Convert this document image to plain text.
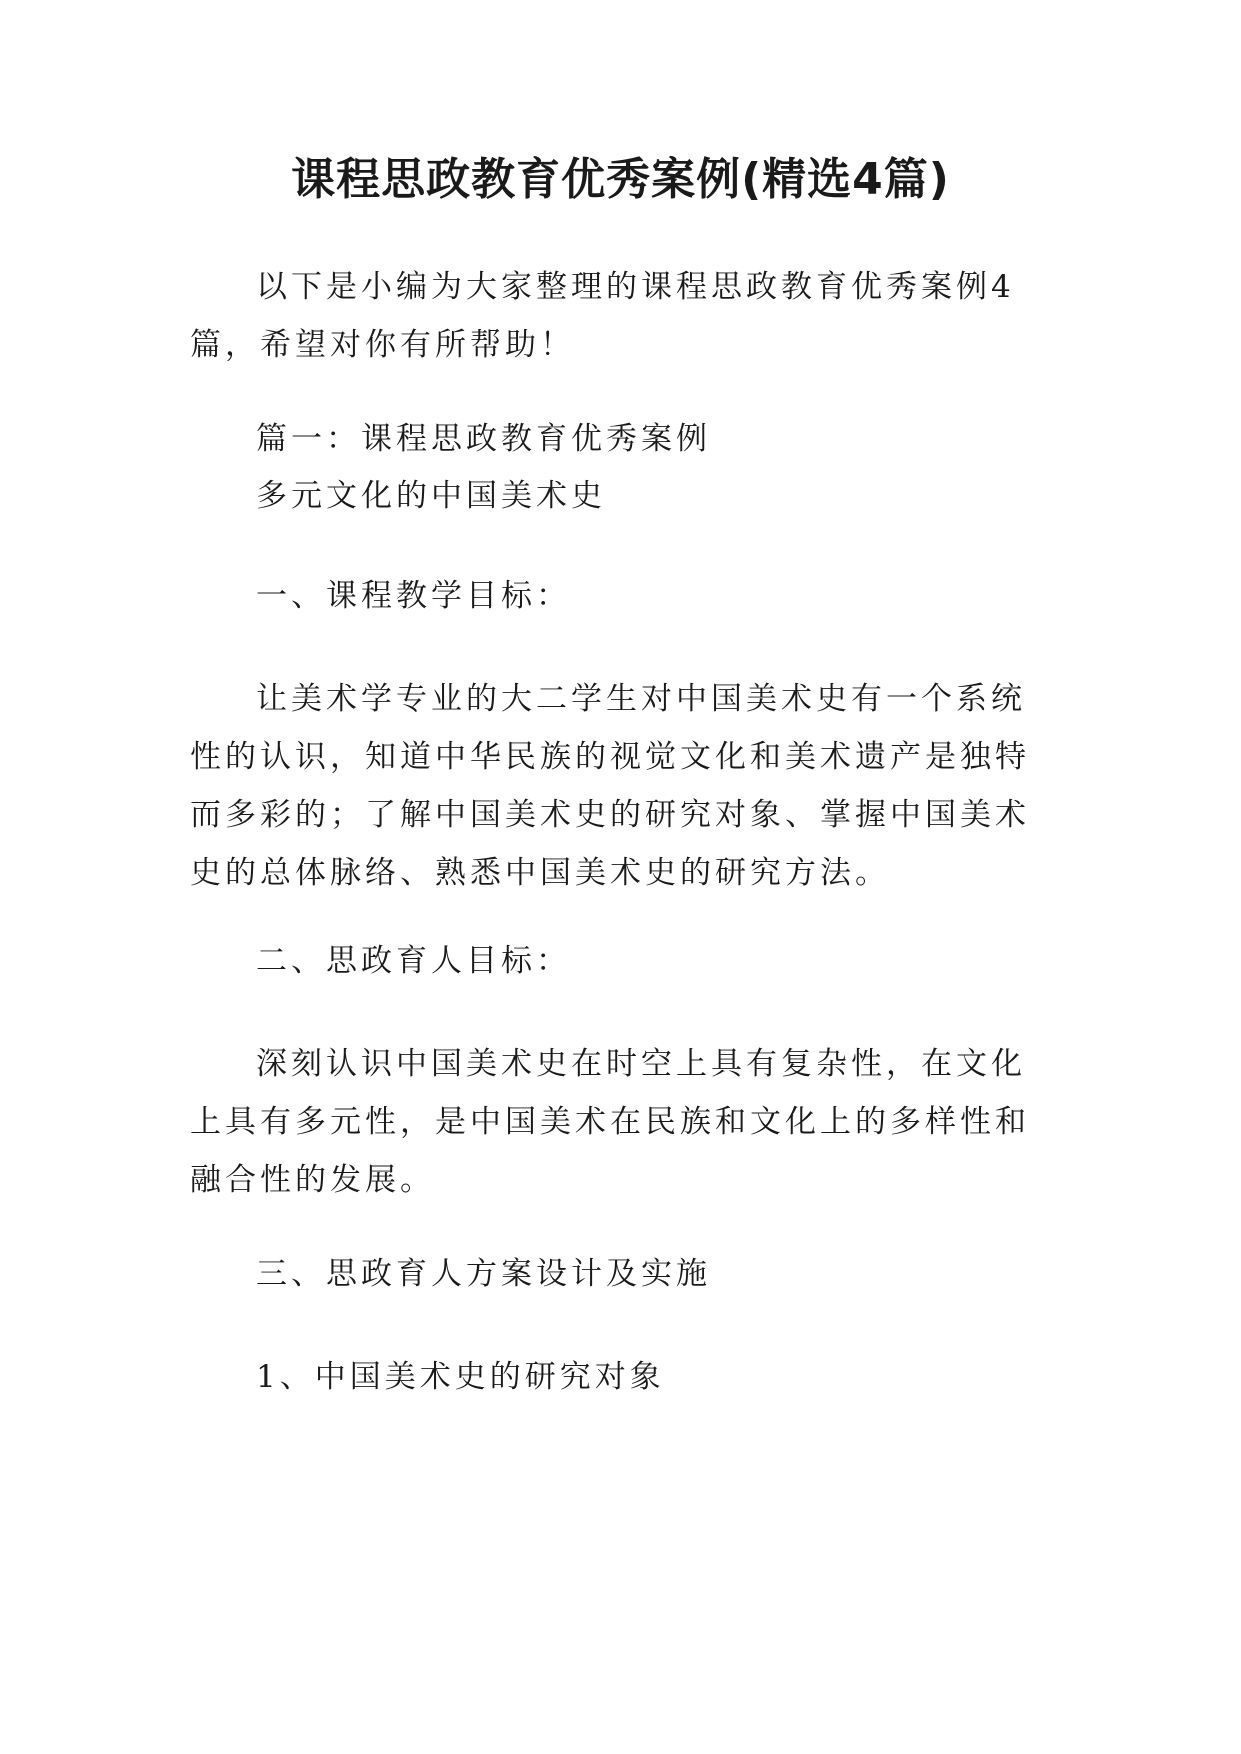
课程思政教育优秀案例(精选4篇)

以下是小编为大家整理的课程思政教育优秀案例4篇，希望对你有所帮助！

篇一：课程思政教育优秀案例
多元文化的中国美术史
一、课程教学目标：

让美术学专业的大二学生对中国美术史有一个系统性的认识，知道中华民族的视觉文化和美术遗产是独特而多彩的；了解中国美术史的研究对象、掌握中国美术史的总体脉络、熟悉中国美术史的研究方法。

二、思政育人目标：

深刻认识中国美术史在时空上具有复杂性，在文化上具有多元性，是中国美术在民族和文化上的多样性和融合性的发展。

三、思政育人方案设计及实施
1、中国美术史的研究对象
